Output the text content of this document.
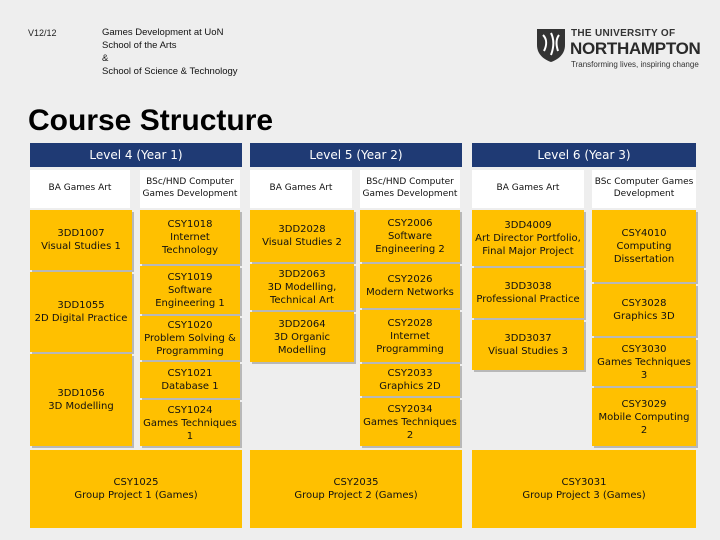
V12/12	Games Development at UoN
School of the Arts
&
School of Science & Technology
THE UNIVERSITY OF
NORTHAMPTON
Transforming lives, inspiring change
Course Structure
Level 4 (Year 1)	Level 5 (Year 2)	Level 6 (Year 3)
BA Games Art
BSc/HND Computer Games Development
3DD1007
Visual Studies 1
3DD1055
2D Digital Practice
3DD1056
3D Modelling
CSY1018
Internet Technology
CSY1019
Software
Engineering 1
CSY1020
Problem Solving &
Programming
CSY1021
Database 1
CSY1024
Games Techniques
1
BA Games Art
BSc/HND Computer Games Development
3DD2028
Visual Studies 2
3DD2063
3D Modelling,
Technical Art
3DD2064
3D Organic
Modelling
CSY2006
Software
Engineering 2
CSY2026
Modern Networks
CSY2028
Internet
Programming
CSY2033
Graphics 2D
CSY2034
Games Techniques 2
BA Games Art
BSc Computer Games Development
3DD4009
Art Director Portfolio,
Final Major Project
3DD3038
Professional Practice
3DD3037
Visual Studies 3
CSY4010
Computing
Dissertation
CSY3028
Graphics 3D
CSY3030
Games Techniques 3
CSY3029
Mobile Computing 2
CSY1025
Group Project 1 (Games)
CSY2035
Group Project 2 (Games)
CSY3031
Group Project 3 (Games)
